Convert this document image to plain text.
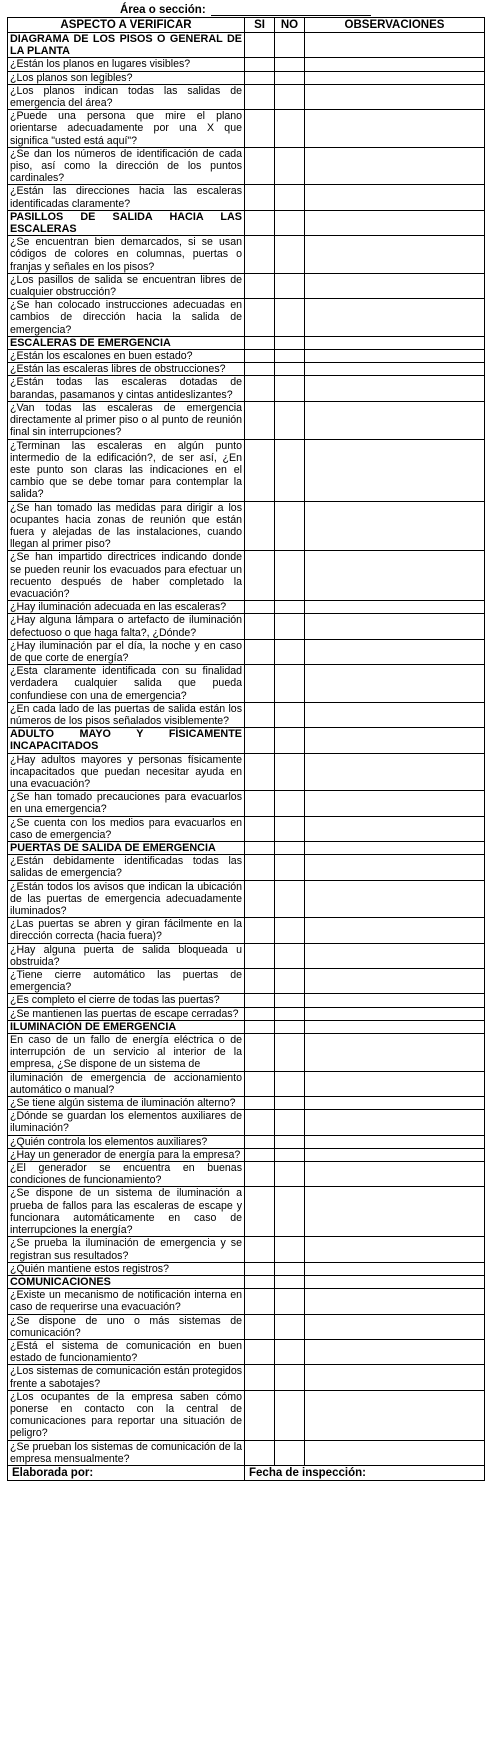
Área o sección:
ASPECTO A VERIFICAR	SI	NO	OBSERVACIONES
DIAGRAMA DE LOS PISOS O GENERAL DE LA PLANTA			
¿Están los planos en lugares visibles?			
¿Los planos son legibles?			
¿Los planos indican todas las salidas de emergencia del área?			
¿Puede una persona que mire el plano orientarse adecuadamente por una X que significa "usted está aquí"?			
¿Se dan los números de identificación de cada piso, así como la dirección de los puntos cardinales?			
¿Están las direcciones hacia las escaleras identificadas claramente?			
PASILLOS DE SALIDA HACIA LAS ESCALERAS			
¿Se encuentran bien demarcados, si se usan códigos de colores en columnas, puertas o franjas y señales en los pisos?			
¿Los pasillos de salida se encuentran libres de cualquier obstrucción?			
¿Se han colocado instrucciones adecuadas en cambios de dirección hacia la salida de emergencia?			
ESCALERAS DE EMERGENCIA			
¿Están los escalones en buen estado?			
¿Están las escaleras libres de obstrucciones?			
¿Están todas las escaleras dotadas de barandas, pasamanos y cintas antideslizantes?			
¿Van todas las escaleras de emergencia directamente al primer piso o al punto de reunión final sin interrupciones?			
¿Terminan las escaleras en algún punto intermedio de la edificación?, de ser así, ¿En este punto son claras las indicaciones en el cambio que se debe tomar para contemplar la salida?			
¿Se han tomado las medidas para dirigir a los ocupantes hacia zonas de reunión que están fuera y alejadas de las instalaciones, cuando llegan al primer piso?			
¿Se han impartido directrices indicando donde se pueden reunir los evacuados para efectuar un recuento después de haber completado la evacuación?			
¿Hay iluminación adecuada en las escaleras?			
¿Hay alguna lámpara o artefacto de iluminación defectuoso o que haga falta?, ¿Dónde?			
¿Hay iluminación par el día, la noche y en caso de que corte de energía?			
¿Esta claramente identificada con su finalidad verdadera cualquier salida que pueda confundiese con una de emergencia?			
¿En cada lado de las puertas de salida están los números de los pisos señalados visiblemente?			
ADULTO MAYO Y FÍSICAMENTE INCAPACITADOS			
¿Hay adultos mayores y personas físicamente incapacitados que puedan necesitar ayuda en una evacuación?			
¿Se han tomado precauciones para evacuarlos en una emergencia?			
¿Se cuenta con los medios para evacuarlos en caso de emergencia?			
PUERTAS DE SALIDA DE EMERGENCIA			
¿Están debidamente identificadas todas las salidas de emergencia?			
¿Están todos los avisos que indican la ubicación de las puertas de emergencia adecuadamente iluminados?			
¿Las puertas se abren y giran fácilmente en la dirección correcta (hacia fuera)?			
¿Hay alguna puerta de salida bloqueada u obstruida?			
¿Tiene cierre automático las puertas de emergencia?			
¿Es completo el cierre de todas las puertas?			
¿Se mantienen las puertas de escape cerradas?			
ILUMINACIÓN DE EMERGENCIA			
En caso de un fallo de energía eléctrica o de interrupción de un servicio al interior de la empresa, ¿Se dispone de un sistema de			
iluminación de emergencia de accionamiento automático o manual?			
¿Se tiene algún sistema de iluminación alterno?			
¿Dónde se guardan los elementos auxiliares de iluminación?			
¿Quién controla los elementos auxiliares?			
¿Hay un generador de energía para la empresa?			
¿El generador se encuentra en buenas condiciones de funcionamiento?			
¿Se dispone de un sistema de iluminación a prueba de fallos para las escaleras de escape y funcionara automáticamente en caso de interrupciones la energía?			
¿Se prueba la iluminación de emergencia y se registran sus resultados?			
¿Quién mantiene estos registros?			
COMUNICACIONES			
¿Existe un mecanismo de notificación interna en caso de requerirse una evacuación?			
¿Se dispone de uno o más sistemas de comunicación?			
¿Está el sistema de comunicación en buen estado de funcionamiento?			
¿Los sistemas de comunicación están protegidos frente a sabotajes?			
¿Los ocupantes de la empresa saben cómo ponerse en contacto con la central de comunicaciones para reportar una situación de peligro?			
¿Se prueban los sistemas de comunicación de la empresa mensualmente?			
Elaborada por:	Fecha de inspección:		
